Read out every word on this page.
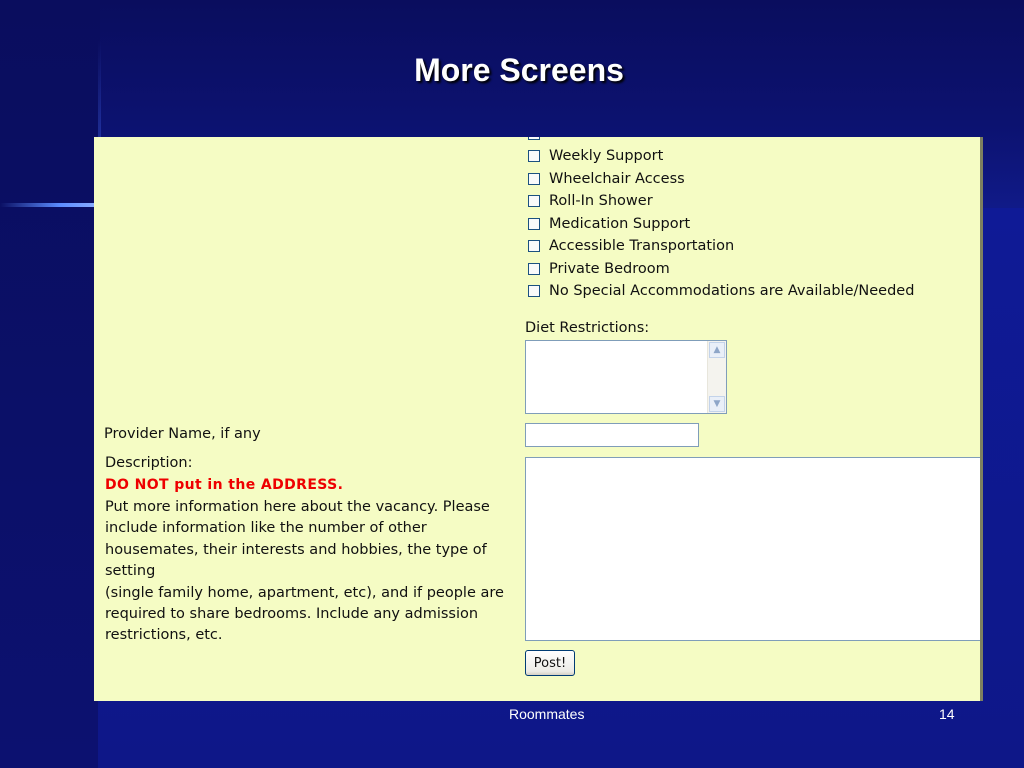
More Screens
Weekly Support
Wheelchair Access
Roll-In Shower
Medication Support
Accessible Transportation
Private Bedroom
No Special Accommodations are Available/Needed
Diet Restrictions:
▲
▼
Provider Name, if any
Description:
DO NOT put in the ADDRESS.
Put more information here about the vacancy. Please
include information like the number of other
housemates, their interests and hobbies, the type of
setting
(single family home, apartment, etc), and if people are
required to share bedrooms. Include any admission
restrictions, etc.
Post!
Roommates	14
